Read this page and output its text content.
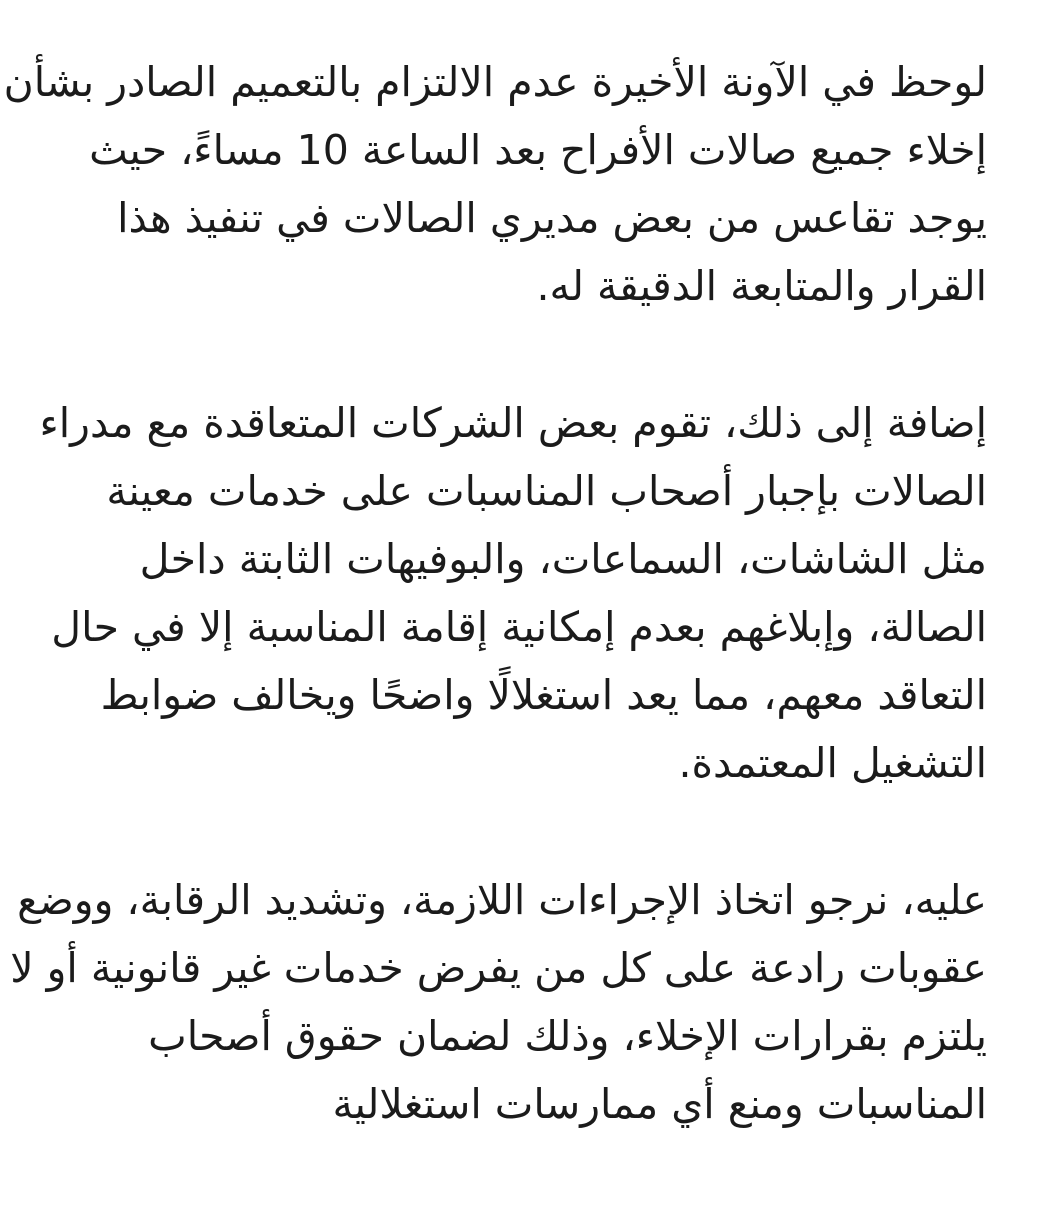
لوحظ في الآونة الأخيرة عدم الالتزام بالتعميم الصادر بشأن
إخلاء جميع صالات الأفراح بعد الساعة 10 مساءً، حيث
يوجد تقاعس من بعض مديري الصالات في تنفيذ هذا
القرار والمتابعة الدقيقة له.

إضافة إلى ذلك، تقوم بعض الشركات المتعاقدة مع مدراء
الصالات بإجبار أصحاب المناسبات على خدمات معينة
مثل الشاشات، السماعات، والبوفيهات الثابتة داخل
الصالة، وإبلاغهم بعدم إمكانية إقامة المناسبة إلا في حال
التعاقد معهم، مما يعد استغلالًا واضحًا ويخالف ضوابط
التشغيل المعتمدة.

عليه، نرجو اتخاذ الإجراءات اللازمة، وتشديد الرقابة، ووضع
عقوبات رادعة على كل من يفرض خدمات غير قانونية أو لا
يلتزم بقرارات الإخلاء، وذلك لضمان حقوق أصحاب
المناسبات ومنع أي ممارسات استغلالية
